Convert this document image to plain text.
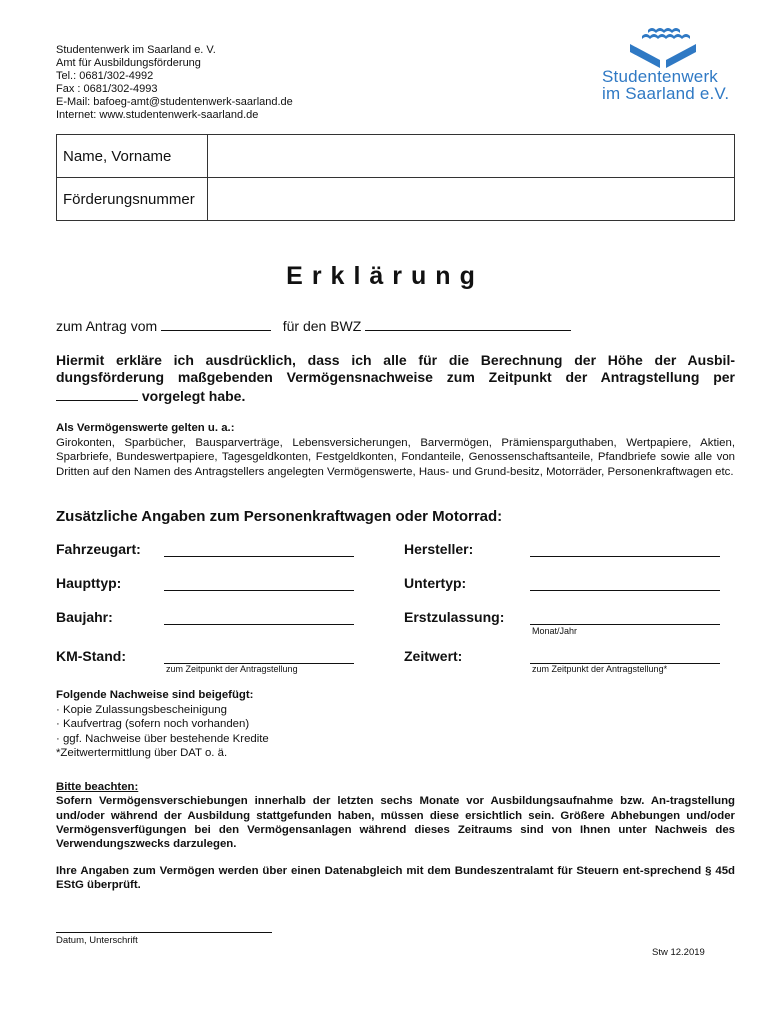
Studentenwerk im Saarland e. V.
Amt für Ausbildungsförderung
Tel.: 0681/302-4992
Fax : 0681/302-4993
E-Mail: bafoeg-amt@studentenwerk-saarland.de
Internet: www.studentenwerk-saarland.de
Studentenwerk
im Saarland e.V.
Name, Vorname	
Förderungsnummer	
Erklärung
zum Antrag vom	für den BWZ
Hiermit erkläre ich ausdrücklich, dass ich alle für die Berechnung der Höhe der Ausbil-dungsförderung maßgebenden Vermögensnachweise zum Zeitpunkt der Antragstellung per  vorgelegt habe.
Als Vermögenswerte gelten u. a.:
Girokonten, Sparbücher, Bausparverträge, Lebensversicherungen, Barvermögen, Prämiensparguthaben, Wertpapiere, Aktien, Sparbriefe, Bundeswertpapiere, Tagesgeldkonten, Festgeldkonten, Fondanteile, Genossenschaftsanteile, Pfandbriefe sowie alle von Dritten auf den Namen des Antragstellers angelegten Vermögenswerte, Haus- und Grund-besitz, Motorräder, Personenkraftwagen etc.
Zusätzliche Angaben zum Personenkraftwagen oder Motorrad:
Fahrzeugart:
Haupttyp:
Baujahr:
KM-Stand:
zum Zeitpunkt der Antragstellung
Hersteller:
Untertyp:
Erstzulassung:
Monat/Jahr
Zeitwert:
zum Zeitpunkt der Antragstellung*
Folgende Nachweise sind beigefügt:
· Kopie Zulassungsbescheinigung
· Kaufvertrag (sofern noch vorhanden)
· ggf. Nachweise über bestehende Kredite
*Zeitwertermittlung über DAT o. ä.
Bitte beachten:
Sofern Vermögensverschiebungen innerhalb der letzten sechs Monate vor Ausbildungsaufnahme bzw. An-tragstellung und/oder während der Ausbildung stattgefunden haben, müssen diese ersichtlich sein. Größere Abhebungen und/oder Vermögensverfügungen bei den Vermögensanlagen während dieses Zeitraums sind von Ihnen unter Nachweis des Verwendungszwecks darzulegen.
Ihre Angaben zum Vermögen werden über einen Datenabgleich mit dem Bundeszentralamt für Steuern ent-sprechend § 45d EStG überprüft.
Datum, Unterschrift
Stw 12.2019
